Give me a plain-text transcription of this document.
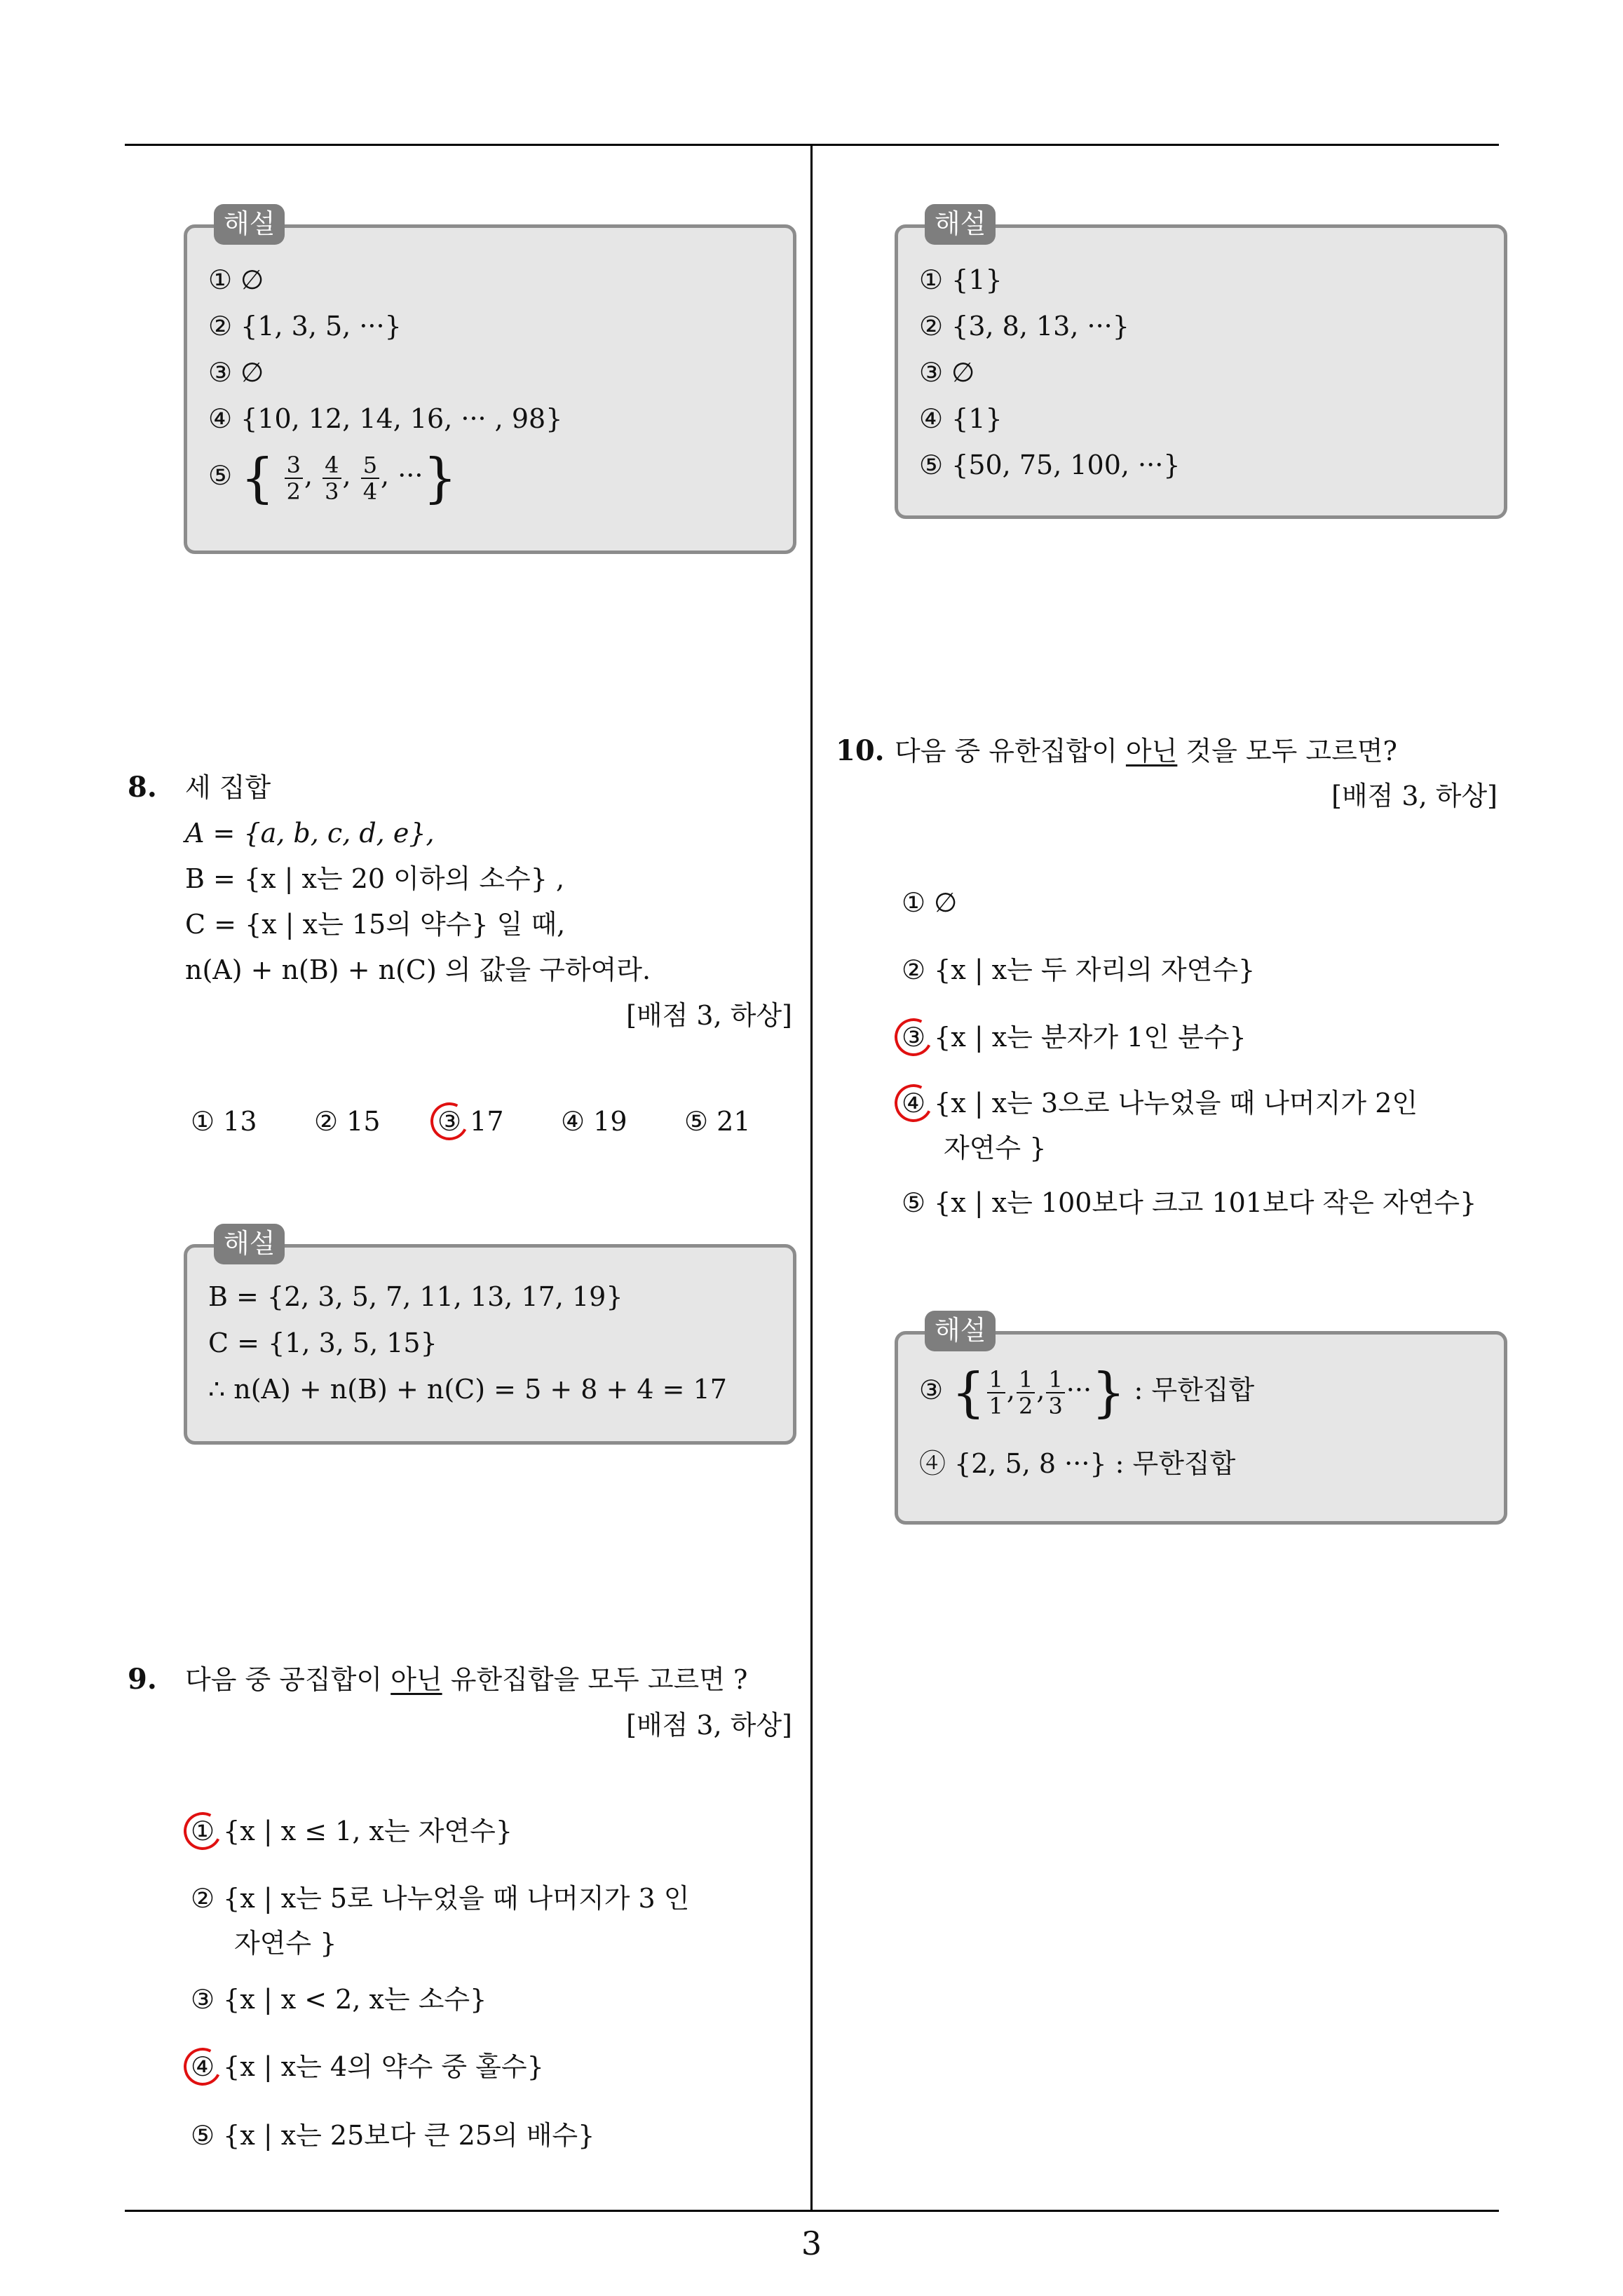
해설
① ∅
② {1, 3, 5, ···}
③ ∅
④ {10, 12, 14, 16, ··· , 98}
⑤ { $\frac{3}{2}$ , $\frac{4}{3}$ , $\frac{5}{4}$ , ···}
해설
① {1}
② {3, 8, 13, ···}
③ ∅
④ {1}
⑤ {50, 75, 100, ···}
8. 세 집합
A = {a, b, c, d, e},
B = {x | x는 20 이하의 소수} ,
C = {x | x는 15의 약수} 일 때,
n(A) + n(B) + n(C) 의 값을 구하여라.
[배점 3, 하상]
① 13 ② 15 ③ 17 ④ 19 ⑤ 21
해설
B = {2, 3, 5, 7, 11, 13, 17, 19}
C = {1, 3, 5, 15}
∴ n(A) + n(B) + n(C) = 5 + 8 + 4 = 17
9. 다음 중 공집합이 아닌 유한집합을 모두 고르면 ?
[배점 3, 하상]
① {x | x ≤ 1, x는 자연수}
② {x | x는 5로 나누었을 때 나머지가 3 인
자연수 }
③ {x | x < 2, x는 소수}
④ {x | x는 4의 약수 중 홀수}
⑤ {x | x는 25보다 큰 25의 배수}
10. 다음 중 유한집합이 아닌 것을 모두 고르면?
[배점 3, 하상]
① ∅
② {x | x는 두 자리의 자연수}
③ {x | x는 분자가 1인 분수}
④ {x | x는 3으로 나누었을 때 나머지가 2인
자연수 }
⑤ {x | x는 100보다 크고 101보다 작은 자연수}
해설
③ { $\frac{1}{1}$ , $\frac{1}{2}$ , $\frac{1}{3}$ ···} : 무한집합
④ {2, 5, 8 ···} : 무한집합
3
